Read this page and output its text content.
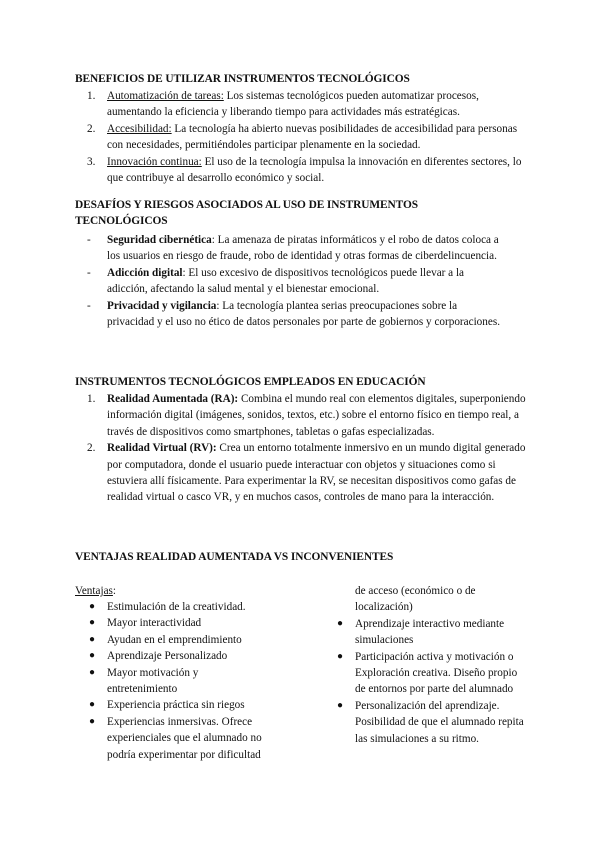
BENEFICIOS DE UTILIZAR INSTRUMENTOS TECNOLÓGICOS
1. Automatización de tareas: Los sistemas tecnológicos pueden automatizar procesos, aumentando la eficiencia y liberando tiempo para actividades más estratégicas.
2. Accesibilidad: La tecnología ha abierto nuevas posibilidades de accesibilidad para personas con necesidades, permitiéndoles participar plenamente en la sociedad.
3. Innovación continua: El uso de la tecnología impulsa la innovación en diferentes sectores, lo que contribuye al desarrollo económico y social.
DESAFÍOS Y RIESGOS ASOCIADOS AL USO DE INSTRUMENTOS TECNOLÓGICOS
- Seguridad cibernética: La amenaza de piratas informáticos y el robo de datos coloca a los usuarios en riesgo de fraude, robo de identidad y otras formas de ciberdelincuencia.
- Adicción digital: El uso excesivo de dispositivos tecnológicos puede llevar a la adicción, afectando la salud mental y el bienestar emocional.
- Privacidad y vigilancia: La tecnología plantea serias preocupaciones sobre la privacidad y el uso no ético de datos personales por parte de gobiernos y corporaciones.
INSTRUMENTOS TECNOLÓGICOS EMPLEADOS EN EDUCACIÓN
1. Realidad Aumentada (RA): Combina el mundo real con elementos digitales, superponiendo información digital (imágenes, sonidos, textos, etc.) sobre el entorno físico en tiempo real, a través de dispositivos como smartphones, tabletas o gafas especializadas.
2. Realidad Virtual (RV): Crea un entorno totalmente inmersivo en un mundo digital generado por computadora, donde el usuario puede interactuar con objetos y situaciones como si estuviera allí físicamente. Para experimentar la RV, se necesitan dispositivos como gafas de realidad virtual o casco VR, y en muchos casos, controles de mano para la interacción.
VENTAJAS REALIDAD AUMENTADA VS INCONVENIENTES
Ventajas:
● Estimulación de la creatividad.
● Mayor interactividad
● Ayudan en el emprendimiento
● Aprendizaje Personalizado
● Mayor motivación y entretenimiento
● Experiencia práctica sin riegos
● Experiencias inmersivas. Ofrece experienciales que el alumnado no podría experimentar por dificultad
de acceso (económico o de localización)
● Aprendizaje interactivo mediante simulaciones
● Participación activa y motivación o Exploración creativa. Diseño propio de entornos por parte del alumnado
● Personalización del aprendizaje. Posibilidad de que el alumnado repita las simulaciones a su ritmo.
